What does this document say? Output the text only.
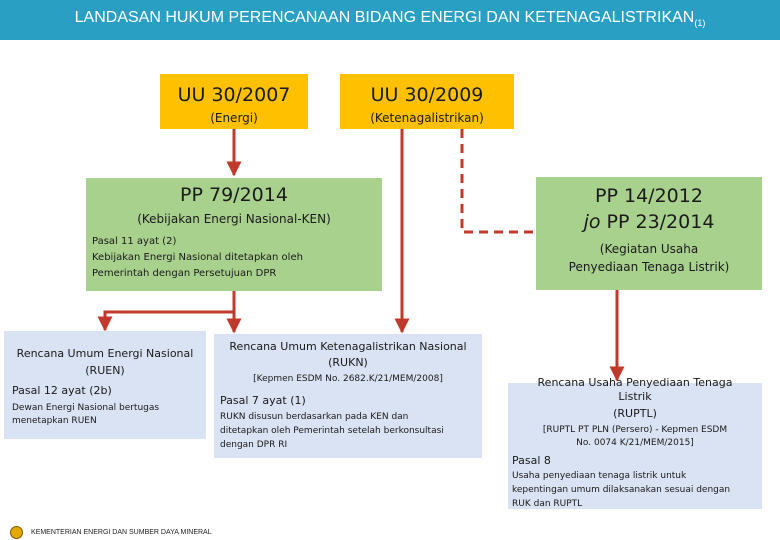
LANDASAN HUKUM PERENCANAAN BIDANG ENERGI DAN $KETENAGALISTRIKAN_{(1)}$
UU 30/2007
(Energi)
UU 30/2009
(Ketenagalistrikan)
PP 79/2014
(Kebijakan Energi Nasional-KEN)
Pasal 11 ayat (2)
Kebijakan Energi Nasional ditetapkan oleh
Pemerintah dengan Persetujuan DPR
PP 14/2012
jo PP 23/2014
(Kegiatan Usaha
Penyediaan Tenaga Listrik)
Rencana Umum Energi Nasional
(RUEN)
Pasal 12 ayat (2b)
Dewan Energi Nasional bertugas
menetapkan RUEN
Rencana Umum Ketenagalistrikan Nasional
(RUKN)
[Kepmen ESDM No. 2682.K/21/MEM/2008]
Pasal 7 ayat (1)
RUKN disusun berdasarkan pada KEN dan
ditetapkan oleh Pemerintah setelah berkonsultasi
dengan DPR RI
Rencana Usaha Penyediaan Tenaga
Listrik
(RUPTL)
[RUPTL PT PLN (Persero) - Kepmen ESDM
No. 0074 K/21/MEM/2015]
Pasal 8
Usaha penyediaan tenaga listrik untuk
kepentingan umum dilaksanakan sesuai dengan
RUK dan RUPTL
KEMENTERIAN ENERGI DAN SUMBER DAYA MINERAL
